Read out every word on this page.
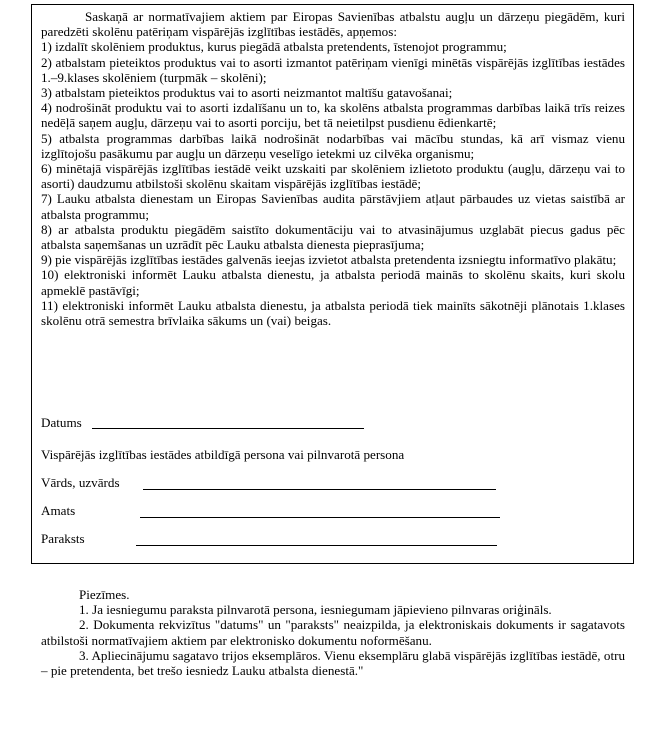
Saskaņā ar normatīvajiem aktiem par Eiropas Savienības atbalstu augļu un dārzeņu piegādēm, kuri paredzēti skolēnu patēriņam vispārējās izglītības iestādēs, apņemos:

1) izdalīt skolēniem produktus, kurus piegādā atbalsta pretendents, īstenojot programmu;

2) atbalstam pieteiktos produktus vai to asorti izmantot patēriņam vienīgi minētās vispārējās izglītības iestādes 1.–9.klases skolēniem (turpmāk – skolēni);

3) atbalstam pieteiktos produktus vai to asorti neizmantot maltīšu gatavošanai;

4) nodrošināt produktu vai to asorti izdalīšanu un to, ka skolēns atbalsta programmas darbības laikā trīs reizes nedēļā saņem augļu, dārzeņu vai to asorti porciju, bet tā neietilpst pusdienu ēdienkartē;

5) atbalsta programmas darbības laikā nodrošināt nodarbības vai mācību stundas, kā arī vismaz vienu izglītojošu pasākumu par augļu un dārzeņu veselīgo ietekmi uz cilvēka organismu;

6) minētajā vispārējās izglītības iestādē veikt uzskaiti par skolēniem izlietoto produktu (augļu, dārzeņu vai to asorti) daudzumu atbilstoši skolēnu skaitam vispārējās izglītības iestādē;

7) Lauku atbalsta dienestam un Eiropas Savienības audita pārstāvjiem atļaut pārbaudes uz vietas saistībā ar atbalsta programmu;

8) ar atbalsta produktu piegādēm saistīto dokumentāciju vai to atvasinājumus uzglabāt piecus gadus pēc atbalsta saņemšanas un uzrādīt pēc Lauku atbalsta dienesta pieprasījuma;

9) pie vispārējās izglītības iestādes galvenās ieejas izvietot atbalsta pretendenta izsniegtu informatīvo plakātu;

10) elektroniski informēt Lauku atbalsta dienestu, ja atbalsta periodā mainās to skolēnu skaits, kuri skolu apmeklē pastāvīgi;

11) elektroniski informēt Lauku atbalsta dienestu, ja atbalsta periodā tiek mainīts sākotnēji plānotais 1.klases skolēnu otrā semestra brīvlaika sākums un (vai) beigas.

Datums
Vispārējās izglītības iestādes atbildīgā persona vai pilnvarotā persona
Vārds, uzvārds
Amats
Paraksts

Piezīmes.

1. Ja iesniegumu paraksta pilnvarotā persona, iesniegumam jāpievieno pilnvaras oriģināls.

2. Dokumenta rekvizītus "datums" un "paraksts" neaizpilda, ja elektroniskais dokuments ir sagatavots atbilstoši normatīvajiem aktiem par elektronisko dokumentu noformēšanu.

3. Apliecinājumu sagatavo trijos eksemplāros. Vienu eksemplāru glabā vispārējās izglītības iestādē, otru – pie pretendenta, bet trešo iesniedz Lauku atbalsta dienestā."
